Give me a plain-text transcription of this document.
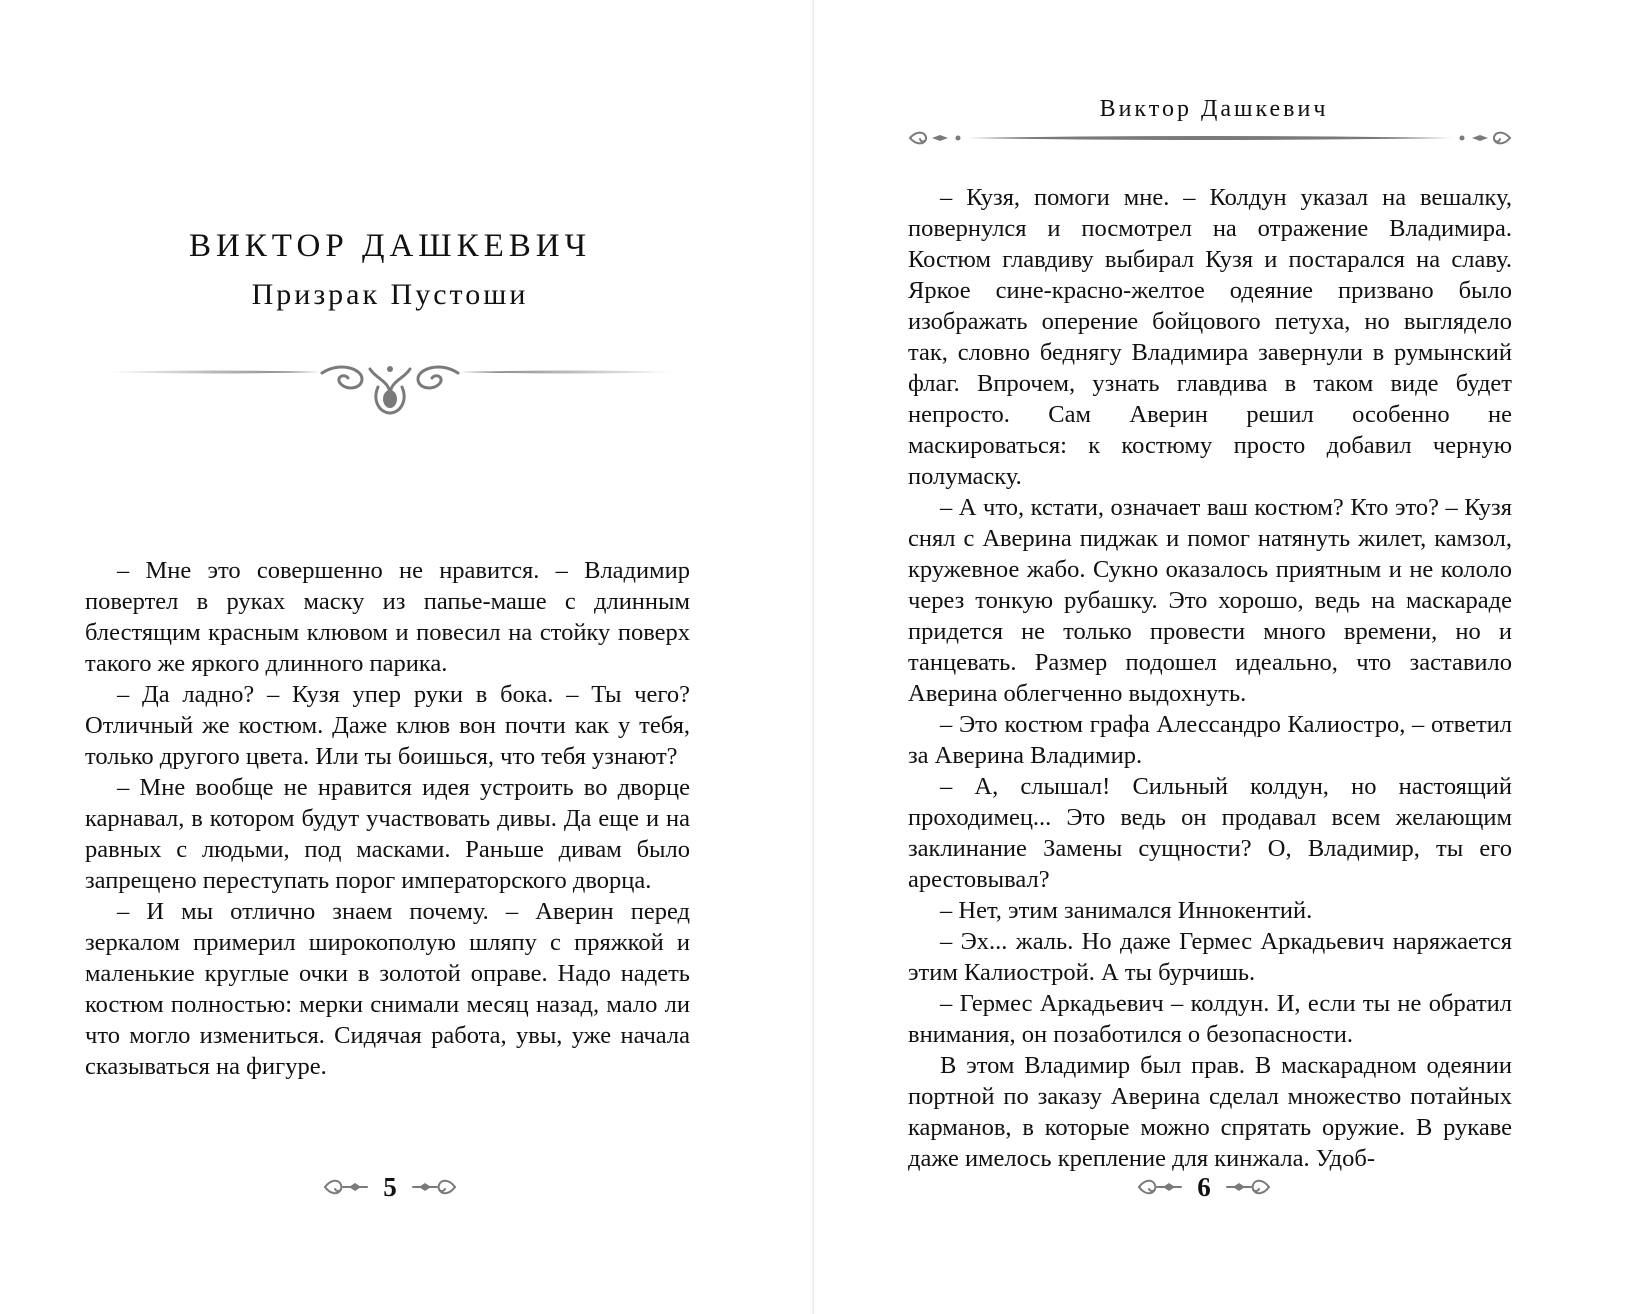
ВИКТОР ДАШКЕВИЧ
Призрак Пустоши

– Мне это совершенно не нравится. – Владимир повертел в руках маску из папье-маше с длинным блестящим красным клювом и повесил на стойку поверх такого же яркого длинного парика.

– Да ладно? – Кузя упер руки в бока. – Ты чего? Отличный же костюм. Даже клюв вон почти как у тебя, только другого цвета. Или ты боишься, что тебя узнают?

– Мне вообще не нравится идея устроить во дворце карнавал, в котором будут участвовать дивы. Да еще и на равных с людьми, под масками. Раньше дивам было запрещено переступать порог императорского дворца.

– И мы отлично знаем почему. – Аверин перед зеркалом примерил широкополую шляпу с пряжкой и маленькие круглые очки в золотой оправе. Надо надеть костюм полностью: мерки снимали месяц назад, мало ли что могло измениться. Сидячая работа, увы, уже начала сказываться на фигуре.

5
Виктор Дашкевич

– Кузя, помоги мне. – Колдун указал на вешалку, повернулся и посмотрел на отражение Владимира. Костюм главдиву выбирал Кузя и постарался на славу. Яркое сине-красно-желтое одеяние призвано было изображать оперение бойцового петуха, но выглядело так, словно беднягу Владимира завернули в румынский флаг. Впрочем, узнать главдива в таком виде будет непросто. Сам Аверин решил особенно не маскироваться: к костюму просто добавил черную полумаску.

– А что, кстати, означает ваш костюм? Кто это? – Кузя снял с Аверина пиджак и помог натянуть жилет, камзол, кружевное жабо. Сукно оказалось приятным и не кололо через тонкую рубашку. Это хорошо, ведь на маскараде придется не только провести много времени, но и танцевать. Размер подошел идеально, что заставило Аверина облегченно выдохнуть.

– Это костюм графа Алессандро Калиостро, – ответил за Аверина Владимир.

– А, слышал! Сильный колдун, но настоящий проходимец... Это ведь он продавал всем желающим заклинание Замены сущности? О, Владимир, ты его арестовывал?

– Нет, этим занимался Иннокентий.

– Эх... жаль. Но даже Гермес Аркадьевич наряжается этим Калиострой. А ты бурчишь.

– Гермес Аркадьевич – колдун. И, если ты не обратил внимания, он позаботился о безопасности.

В этом Владимир был прав. В маскарадном одеянии портной по заказу Аверина сделал множество потайных карманов, в которые можно спрятать оружие. В рукаве даже имелось крепление для кинжала. Удоб-

6
